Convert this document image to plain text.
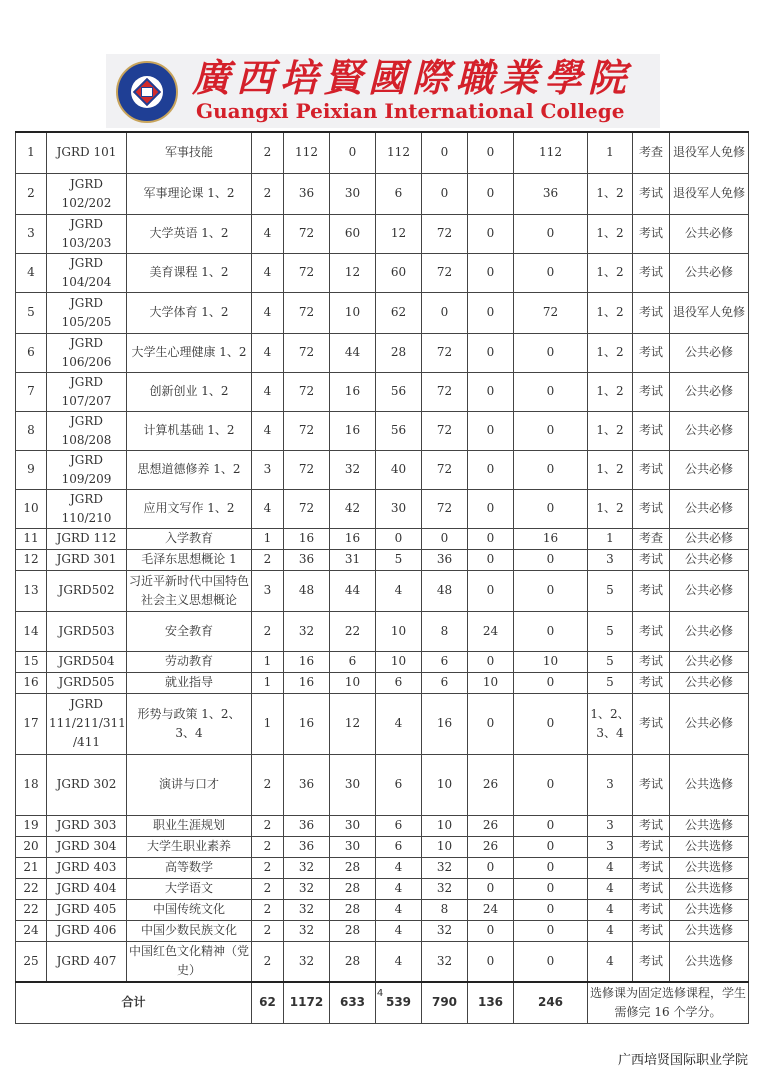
廣西培賢國際職業學院
Guangxi Peixian International College
1	JGRD 101	军事技能	2	112	0	112	0	0	112	1	考查	退役军人免修
2	JGRD 102/202	军事理论课 1、2	2	36	30	6	0	0	36	1、2	考试	退役军人免修
3	JGRD 103/203	大学英语 1、2	4	72	60	12	72	0	0	1、2	考试	公共必修
4	JGRD 104/204	美育课程 1、2	4	72	12	60	72	0	0	1、2	考试	公共必修
5	JGRD 105/205	大学体育 1、2	4	72	10	62	0	0	72	1、2	考试	退役军人免修
6	JGRD 106/206	大学生心理健康 1、2	4	72	44	28	72	0	0	1、2	考试	公共必修
7	JGRD 107/207	创新创业 1、2	4	72	16	56	72	0	0	1、2	考试	公共必修
8	JGRD 108/208	计算机基础 1、2	4	72	16	56	72	0	0	1、2	考试	公共必修
9	JGRD 109/209	思想道德修养 1、2	3	72	32	40	72	0	0	1、2	考试	公共必修
10	JGRD 110/210	应用文写作 1、2	4	72	42	30	72	0	0	1、2	考试	公共必修
11	JGRD 112	入学教育	1	16	16	0	0	0	16	1	考查	公共必修
12	JGRD 301	毛泽东思想概论 1	2	36	31	5	36	0	0	3	考试	公共必修
13	JGRD502	习近平新时代中国特色社会主义思想概论	3	48	44	4	48	0	0	5	考试	公共必修
14	JGRD503	安全教育	2	32	22	10	8	24	0	5	考试	公共必修
15	JGRD504	劳动教育	1	16	6	10	6	0	10	5	考试	公共必修
16	JGRD505	就业指导	1	16	10	6	6	10	0	5	考试	公共必修
17	JGRD 111/211/311 /411	形势与政策 1、2、3、4	1	16	12	4	16	0	0	1、2、3、4	考试	公共必修
18	JGRD 302	演讲与口才	2	36	30	6	10	26	0	3	考试	公共选修
19	JGRD 303	职业生涯规划	2	36	30	6	10	26	0	3	考试	公共选修
20	JGRD 304	大学生职业素养	2	36	30	6	10	26	0	3	考试	公共选修
21	JGRD 403	高等数学	2	32	28	4	32	0	0	4	考试	公共选修
22	JGRD 404	大学语文	2	32	28	4	32	0	0	4	考试	公共选修
22	JGRD 405	中国传统文化	2	32	28	4	8	24	0	4	考试	公共选修
24	JGRD 406	中国少数民族文化	2	32	28	4	32	0	0	4	考试	公共选修
25	JGRD 407	中国红色文化精神（党史）	2	32	28	4	32	0	0	4	考试	公共选修
合计			62	1172	633	539	790	136	246	选修课为固定选修课程，学生需修完 16 个学分。		
4
广西培贤国际职业学院
